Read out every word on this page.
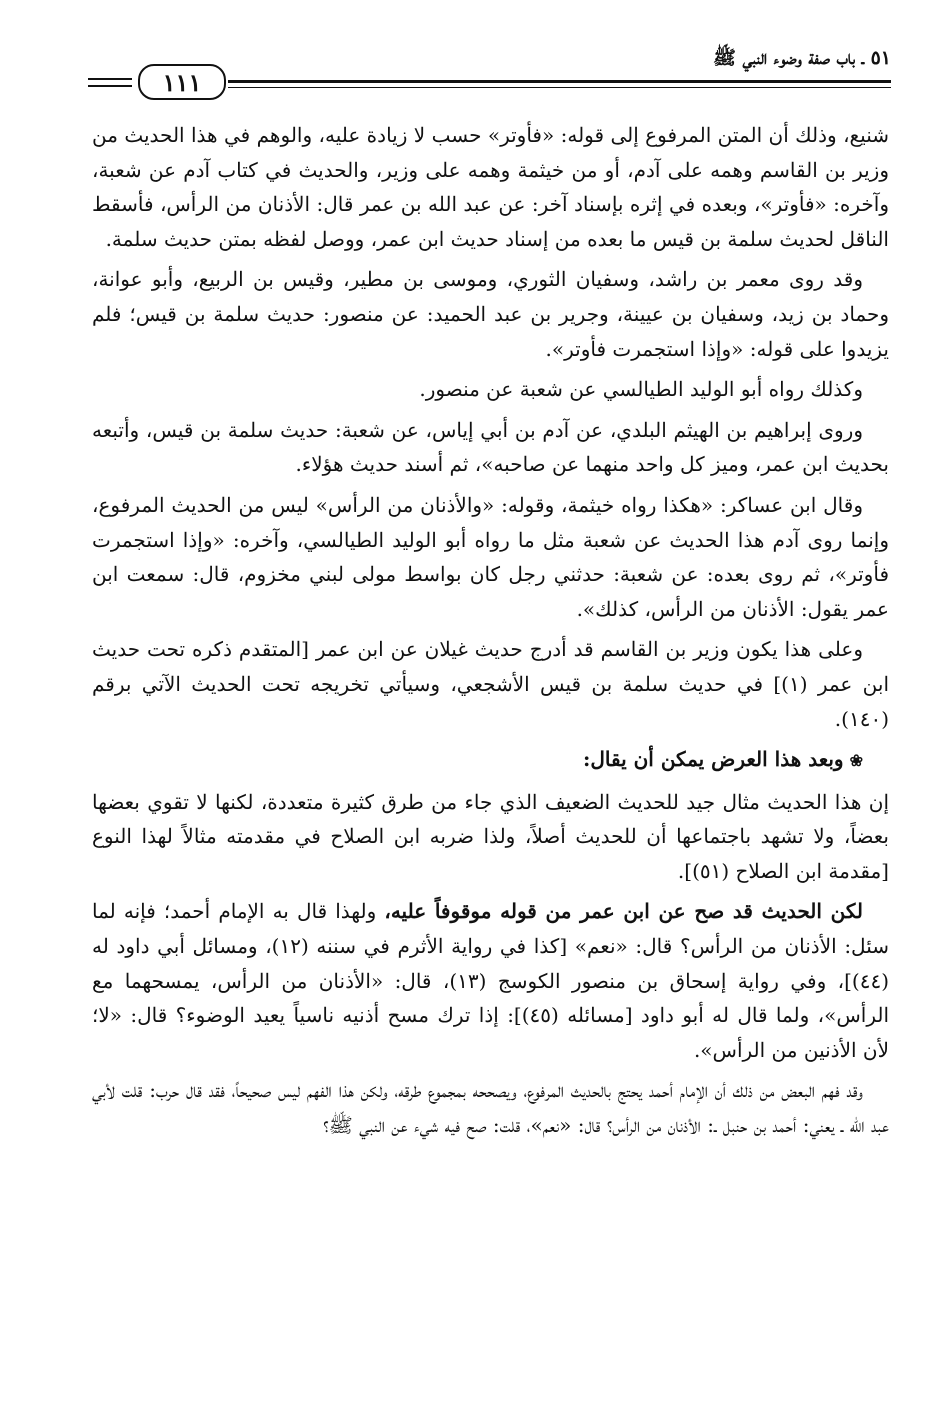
٥١ ـ باب صفة وضوء النبي ﷺ
١١١

شنيع، وذلك أن المتن المرفوع إلى قوله: «فأوتر» حسب لا زيادة عليه، والوهم في هذا الحديث من وزير بن القاسم وهمه على آدم، أو من خيثمة وهمه على وزير، والحديث في كتاب آدم عن شعبة، وآخره: «فأوتر»، وبعده في إثره بإسناد آخر: عن عبد الله بن عمر قال: الأذنان من الرأس، فأسقط الناقل لحديث سلمة بن قيس ما بعده من إسناد حديث ابن عمر، ووصل لفظه بمتن حديث سلمة.

وقد روى معمر بن راشد، وسفيان الثوري، وموسى بن مطير، وقيس بن الربيع، وأبو عوانة، وحماد بن زيد، وسفيان بن عيينة، وجرير بن عبد الحميد: عن منصور: حديث سلمة بن قيس؛ فلم يزيدوا على قوله: «وإذا استجمرت فأوتر».

وكذلك رواه أبو الوليد الطيالسي عن شعبة عن منصور.

وروى إبراهيم بن الهيثم البلدي، عن آدم بن أبي إياس، عن شعبة: حديث سلمة بن قيس، وأتبعه بحديث ابن عمر، وميز كل واحد منهما عن صاحبه»، ثم أسند حديث هؤلاء.

وقال ابن عساكر: «هكذا رواه خيثمة، وقوله: «والأذنان من الرأس» ليس من الحديث المرفوع، وإنما روى آدم هذا الحديث عن شعبة مثل ما رواه أبو الوليد الطيالسي، وآخره: «وإذا استجمرت فأوتر»، ثم روى بعده: عن شعبة: حدثني رجل كان بواسط مولى لبني مخزوم، قال: سمعت ابن عمر يقول: الأذنان من الرأس، كذلك».

وعلى هذا يكون وزير بن القاسم قد أدرج حديث غيلان عن ابن عمر [المتقدم ذكره تحت حديث ابن عمر (١)] في حديث سلمة بن قيس الأشجعي، وسيأتي تخريجه تحت الحديث الآتي برقم (١٤٠).

❀وبعد هذا العرض يمكن أن يقال:

إن هذا الحديث مثال جيد للحديث الضعيف الذي جاء من طرق كثيرة متعددة، لكنها لا تقوي بعضها بعضاً، ولا تشهد باجتماعها أن للحديث أصلاً، ولذا ضربه ابن الصلاح في مقدمته مثالاً لهذا النوع [مقدمة ابن الصلاح (٥١)].

لكن الحديث قد صح عن ابن عمر من قوله موقوفاً عليه، ولهذا قال به الإمام أحمد؛ فإنه لما سئل: الأذنان من الرأس؟ قال: «نعم» [كذا في رواية الأثرم في سننه (١٢)، ومسائل أبي داود له (٤٤)]، وفي رواية إسحاق بن منصور الكوسج (١٣)، قال: «الأذنان من الرأس، يمسحهما مع الرأس»، ولما قال له أبو داود [مسائله (٤٥)]: إذا ترك مسح أذنيه ناسياً يعيد الوضوء؟ قال: «لا؛ لأن الأذنين من الرأس».

وقد فهم البعض من ذلك أن الإمام أحمد يحتج بالحديث المرفوع، ويصححه بمجموع طرقه، ولكن هذا الفهم ليس صحيحاً، فقد قال حرب: قلت لأبي عبد الله ـ يعني: أحمد بن حنبل ـ: الأذنان من الرأس؟ قال: «نعم»، قلت: صح فيه شيء عن النبي ﷺ؟
